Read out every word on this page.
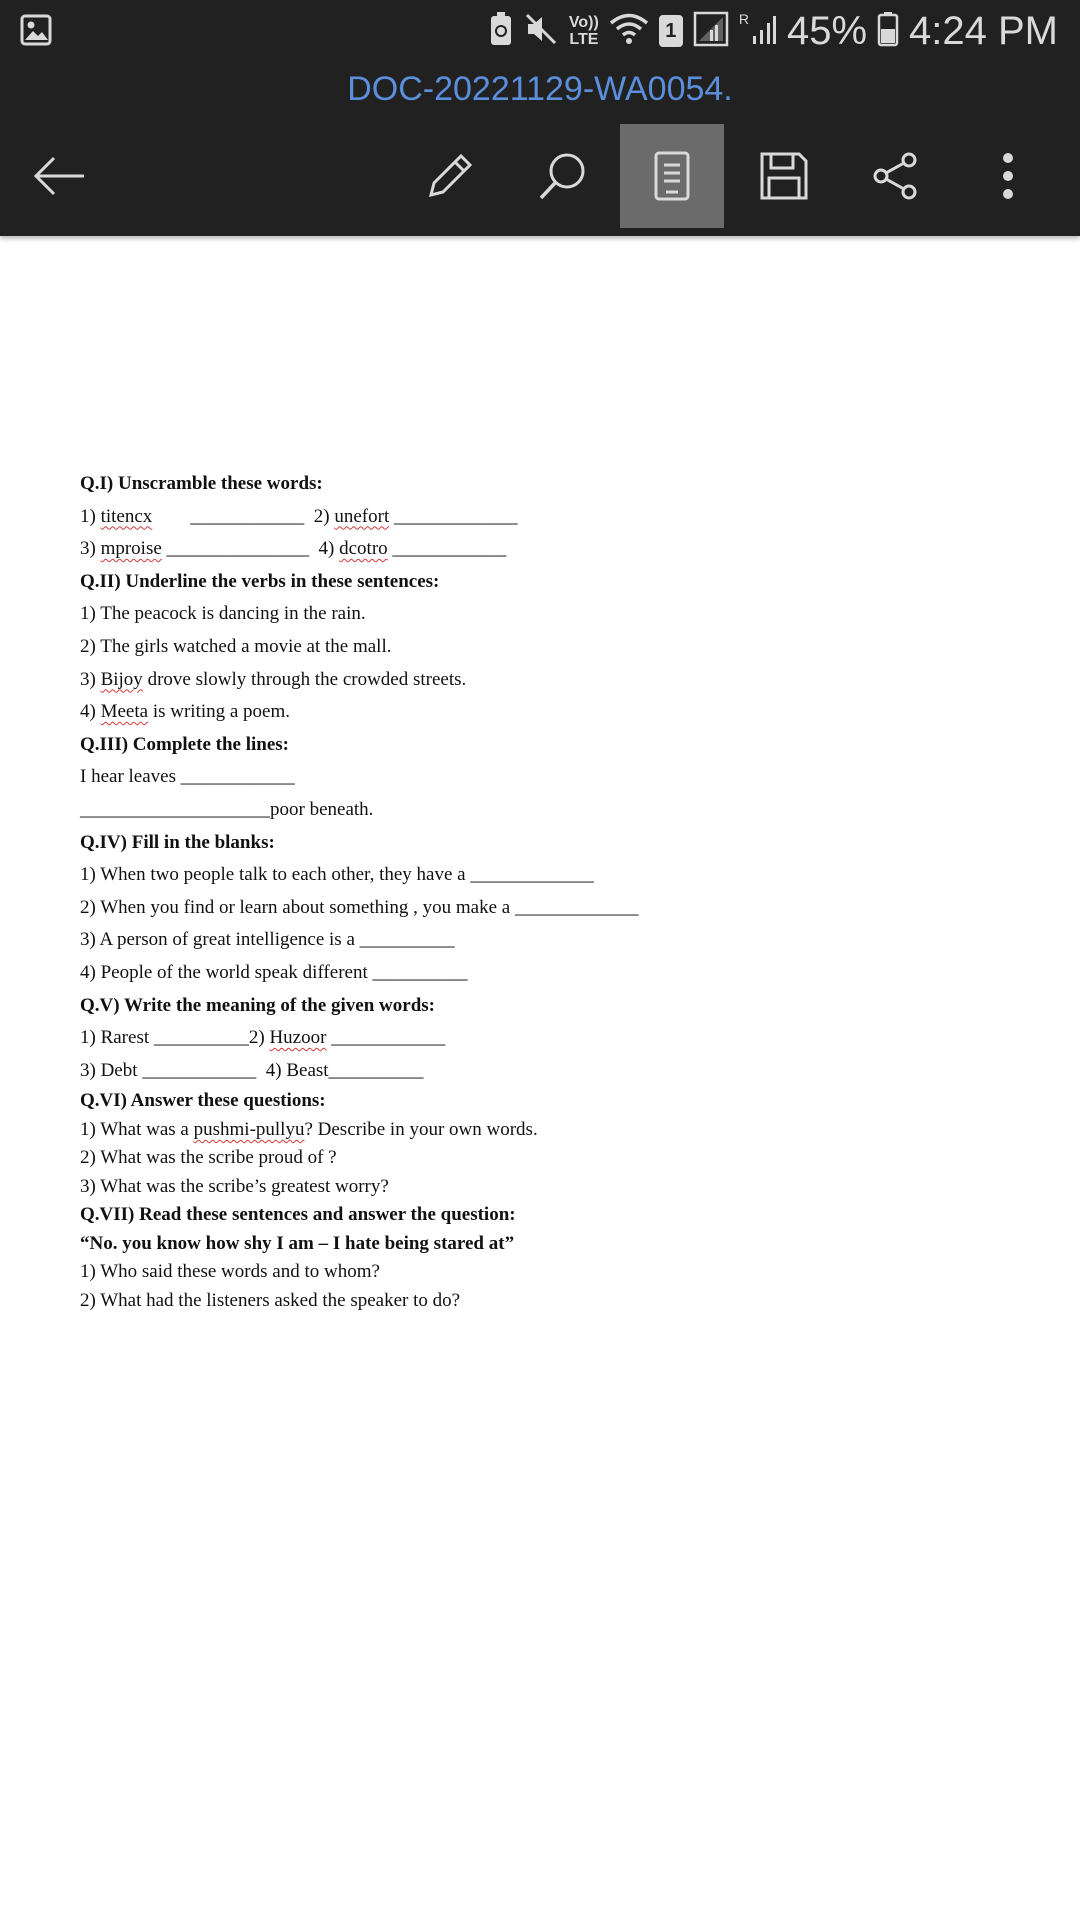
Vo))
LTE	1
R 45% 4:24 PM
DOC-20221129-WA0054.
Q.I) Unscramble these words:
1) titencx        ____________  2) unefort _____________
3) mproise _______________  4) dcotro ____________
Q.II) Underline the verbs in these sentences:
1) The peacock is dancing in the rain.
2) The girls watched a movie at the mall.
3) Bijoy drove slowly through the crowded streets.
4) Meeta is writing a poem.
Q.III) Complete the lines:
I hear leaves ____________
____________________poor beneath.
Q.IV) Fill in the blanks:
1) When two people talk to each other, they have a _____________
2) When you find or learn about something , you make a _____________
3) A person of great intelligence is a __________
4) People of the world speak different __________
Q.V) Write the meaning of the given words:
1) Rarest __________2) Huzoor ____________
3) Debt ____________  4) Beast__________
Q.VI) Answer these questions:
1) What was a pushmi-pullyu? Describe in your own words.
2) What was the scribe proud of ?
3) What was the scribe’s greatest worry?
Q.VII) Read these sentences and answer the question:
“No. you know how shy I am – I hate being stared at”
1) Who said these words and to whom?
2) What had the listeners asked the speaker to do?
